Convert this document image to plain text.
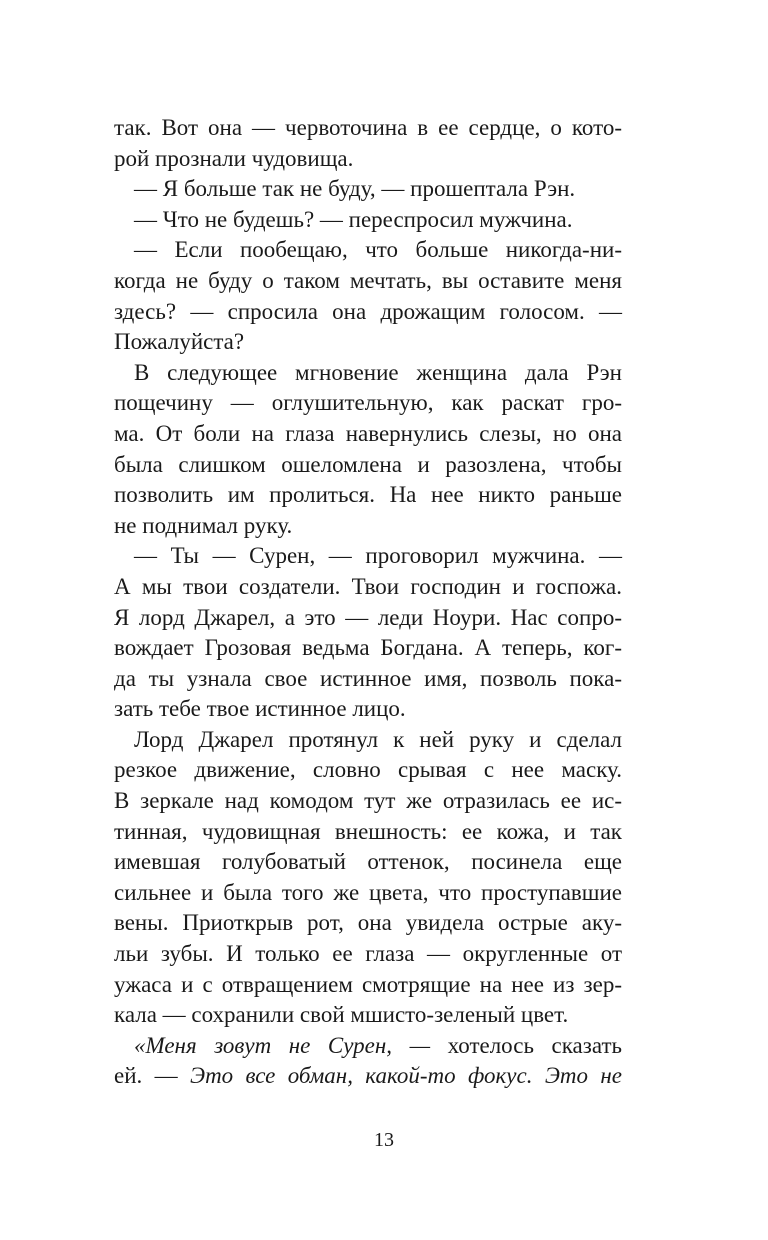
так. Вот она — червоточина в ее сердце, о кото-
рой прознали чудовища.
— Я больше так не буду, — прошептала Рэн.
— Что не будешь? — переспросил мужчина.
— Если пообещаю, что больше никогда-ни-
когда не буду о таком мечтать, вы оставите меня
здесь? — спросила она дрожащим голосом. —
Пожалуйста?
В следующее мгновение женщина дала Рэн
пощечину — оглушительную, как раскат гро-
ма. От боли на глаза навернулись слезы, но она
была слишком ошеломлена и разозлена, чтобы
позволить им пролиться. На нее никто раньше
не поднимал руку.
— Ты — Сурен, — проговорил мужчина. —
А мы твои создатели. Твои господин и госпожа.
Я лорд Джарел, а это — леди Ноури. Нас сопро-
вождает Грозовая ведьма Богдана. А теперь, ког-
да ты узнала свое истинное имя, позволь пока-
зать тебе твое истинное лицо.
Лорд Джарел протянул к ней руку и сделал
резкое движение, словно срывая с нее маску.
В зеркале над комодом тут же отразилась ее ис-
тинная, чудовищная внешность: ее кожа, и так
имевшая голубоватый оттенок, посинела еще
сильнее и была того же цвета, что проступавшие
вены. Приоткрыв рот, она увидела острые аку-
льи зубы. И только ее глаза — округленные от
ужаса и с отвращением смотрящие на нее из зер-
кала — сохранили свой мшисто-зеленый цвет.
«Меня зовут не Сурен, — хотелось сказать
ей. — Это все обман, какой-то фокус. Это не
13
